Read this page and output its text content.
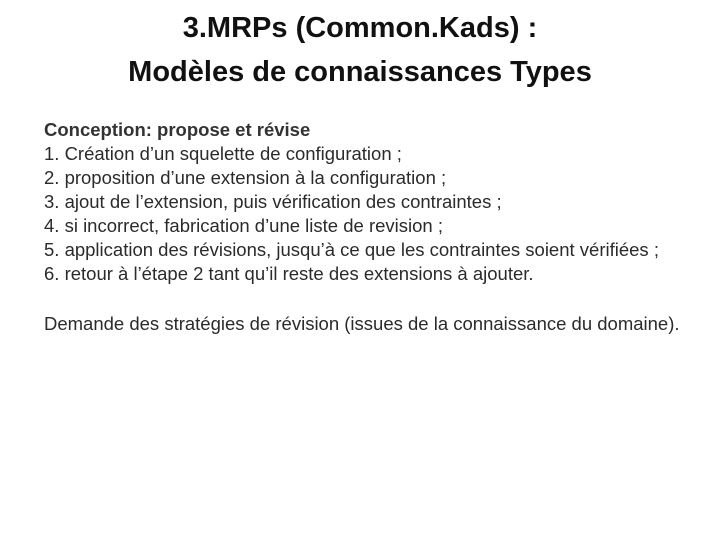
3.MRPs (Common.Kads) :
Modèles de connaissances Types

Conception: propose et révise

1. Création d’un squelette de configuration ;

2. proposition d’une extension à la configuration ;

3. ajout de l’extension, puis vérification des contraintes ;

4. si incorrect, fabrication d’une liste de revision ;

5. application des révisions, jusqu’à ce que les contraintes soient vérifiées ;

6. retour à l’étape 2 tant qu’il reste des extensions à ajouter.

Demande des stratégies de révision (issues de la connaissance du domaine).
